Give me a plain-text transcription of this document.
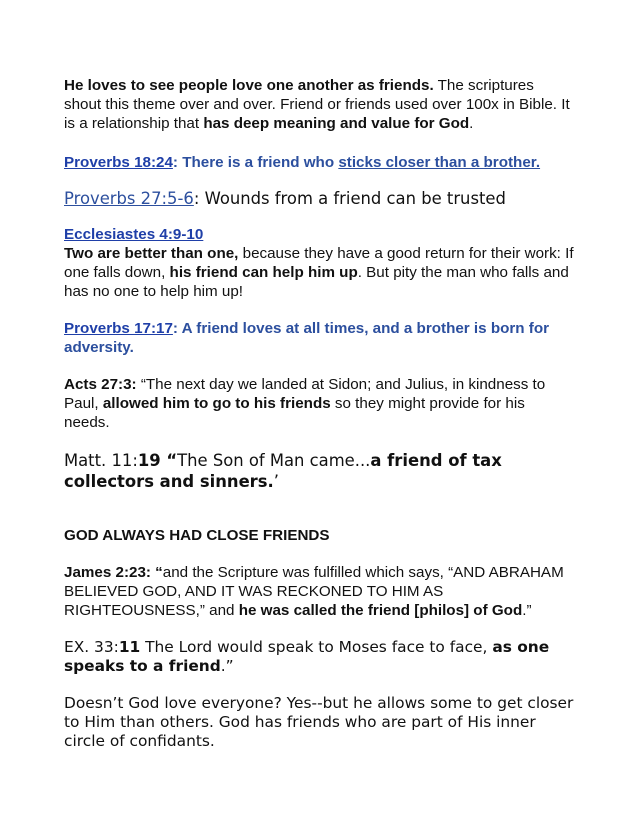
He loves to see people love one another as friends. The scriptures shout this theme over and over. Friend or friends used over 100x in Bible. It is a relationship that has deep meaning and value for God.

Proverbs 18:24: There is a friend who sticks closer than a brother.

Proverbs 27:5-6: Wounds from a friend can be trusted

Ecclesiastes 4:9-10
Two are better than one, because they have a good return for their work: If one falls down, his friend can help him up. But pity the man who falls and has no one to help him up!

Proverbs 17:17: A friend loves at all times, and a brother is born for adversity.

Acts 27:3: “The next day we landed at Sidon; and Julius, in kindness to Paul, allowed him to go to his friends so they might provide for his needs.

Matt. 11:19 “The Son of Man came...a friend of tax collectors and sinners.’

GOD ALWAYS HAD CLOSE FRIENDS

James 2:23: “and the Scripture was fulfilled which says, “AND ABRAHAM BELIEVED GOD, AND IT WAS RECKONED TO HIM AS RIGHTEOUSNESS,” and he was called the friend [philos] of God.”

EX. 33:11 The Lord would speak to Moses face to face, as one speaks to a friend.”

Doesn’t God love everyone? Yes--but he allows some to get closer to Him than others. God has friends who are part of His inner circle of confidants.
